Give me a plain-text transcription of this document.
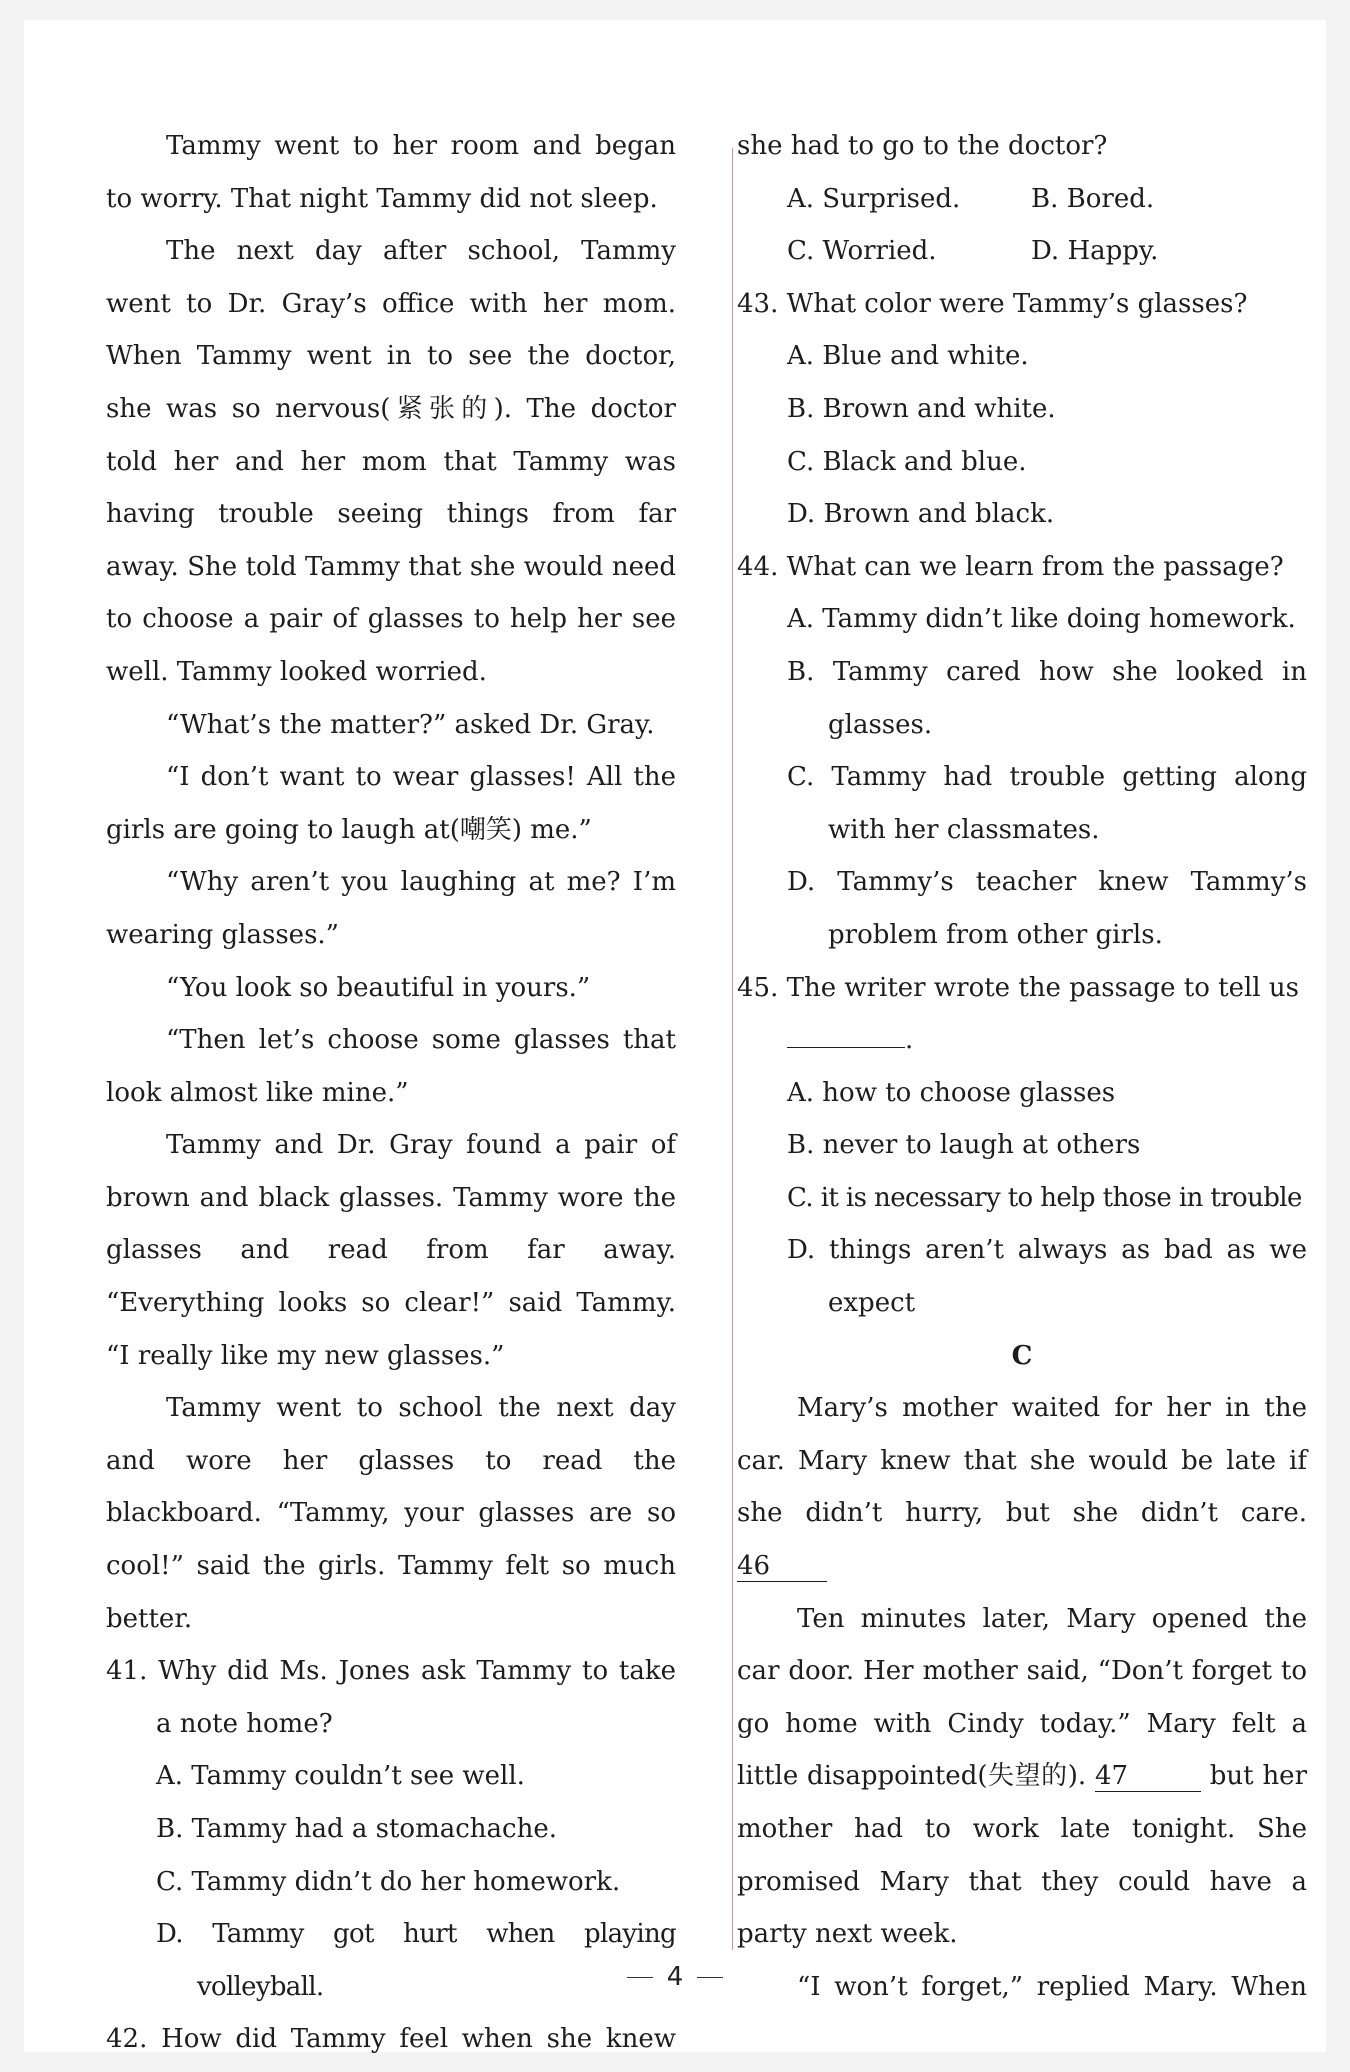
Tammy went to her room and began to worry. That night Tammy did not sleep.

The next day after school, Tammy went to Dr. Gray’s office with her mom. When Tammy went in to see the doctor, she was so nervous(紧张的). The doctor told her and her mom that Tammy was having trouble seeing things from far away. She told Tammy that she would need to choose a pair of glasses to help her see well. Tammy looked worried.

“What’s the matter?” asked Dr. Gray.

“I don’t want to wear glasses! All the girls are going to laugh at(嘲笑) me.”

“Why aren’t you laughing at me? I’m wearing glasses.”

“You look so beautiful in yours.”

“Then let’s choose some glasses that look almost like mine.”

Tammy and Dr. Gray found a pair of brown and black glasses. Tammy wore the glasses and read from far away. “Everything looks so clear!” said Tammy. “I really like my new glasses.”

Tammy went to school the next day and wore her glasses to read the blackboard. “Tammy, your glasses are so cool!” said the girls. Tammy felt so much better.

41. Why did Ms. Jones ask Tammy to take a note home?

A. Tammy couldn’t see well.

B. Tammy had a stomachache.

C. Tammy didn’t do her homework.

D. Tammy got hurt when playing volleyball.

42. How did Tammy feel when she knew

she had to go to the doctor?

A. Surprised.	B. Bored.
C. Worried.	D. Happy.

43. What color were Tammy’s glasses?

A. Blue and white.

B. Brown and white.

C. Black and blue.

D. Brown and black.

44. What can we learn from the passage?

A. Tammy didn’t like doing homework.

B. Tammy cared how she looked in glasses.

C. Tammy had trouble getting along with her classmates.

D. Tammy’s teacher knew Tammy’s problem from other girls.

45. The writer wrote the passage to tell us
.

A. how to choose glasses

B. never to laugh at others

C. it is necessary to help those in trouble

D. things aren’t always as bad as we expect

C

Mary’s mother waited for her in the car. Mary knew that she would be late if she didn’t hurry, but she didn’t care. 46

Ten minutes later, Mary opened the car door. Her mother said, “Don’t forget to go home with Cindy today.” Mary felt a little disappointed(失望的). 47	but her mother had to work late tonight. She promised Mary that they could have a party next week.

“I won’t forget,” replied Mary. When

4
